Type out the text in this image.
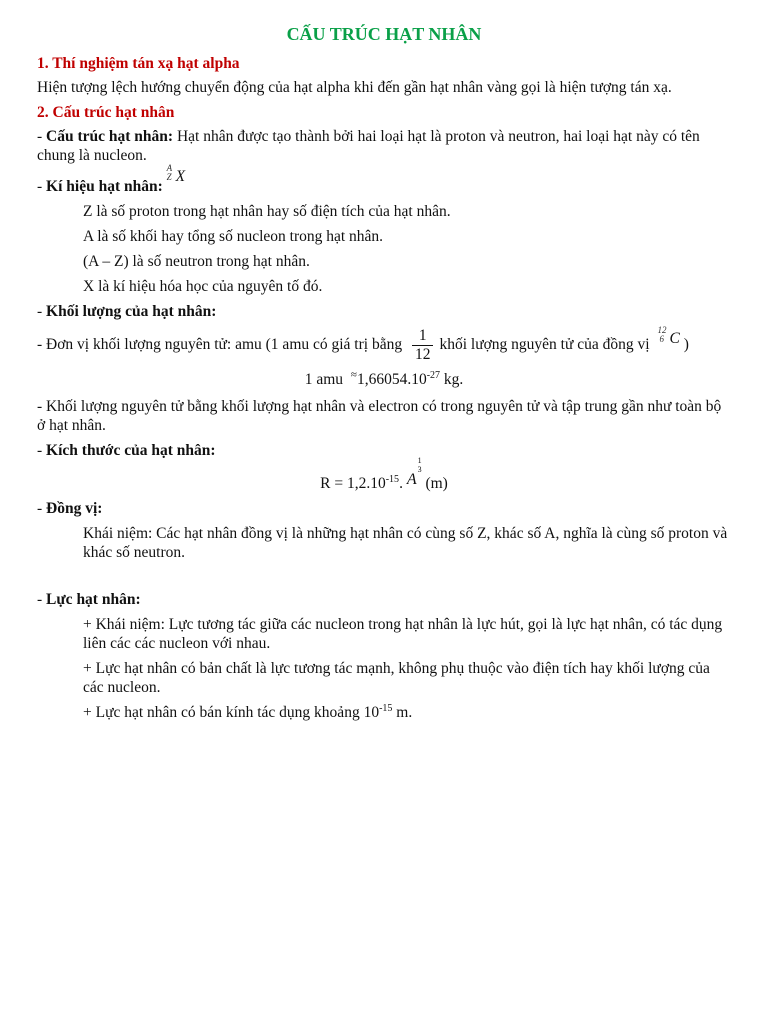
CẤU TRÚC HẠT NHÂN
1. Thí nghiệm tán xạ hạt alpha

Hiện tượng lệch hướng chuyển động của hạt alpha khi đến gần hạt nhân vàng gọi là hiện tượng tán xạ.

2. Cấu trúc hạt nhân

- Cấu trúc hạt nhân: Hạt nhân được tạo thành bởi hai loại hạt là proton và neutron, hai loại hạt này có tên chung là nucleon.

- Kí hiệu hạt nhân:
A
Z X

Z là số proton trong hạt nhân hay số điện tích của hạt nhân.

A là số khối hay tổng số nucleon trong hạt nhân.

(A – Z) là số neutron trong hạt nhân.

X là kí hiệu hóa học của nguyên tố đó.

- Khối lượng của hạt nhân:

- Đơn vị khối lượng nguyên tử: amu (1 amu có giá trị bằng $\frac{1}{12}$ khối lượng nguyên tử của đồng vị
12
6 C )

1 amu $^\approx 1,66054.10^{-27}$ kg.

- Khối lượng nguyên tử bằng khối lượng hạt nhân và electron có trong nguyên tử và tập trung gần như toàn bộ ở hạt nhân.

- Kích thước của hạt nhân:

$R = 1,2.10^{-15}$. A
1
3
(m)

- Đồng vị:

Khái niệm: Các hạt nhân đồng vị là những hạt nhân có cùng số Z, khác số A, nghĩa là cùng số proton và khác số neutron.

- Lực hạt nhân:

+ Khái niệm: Lực tương tác giữa các nucleon trong hạt nhân là lực hút, gọi là lực hạt nhân, có tác dụng liên các các nucleon với nhau.

+ Lực hạt nhân có bản chất là lực tương tác mạnh, không phụ thuộc vào điện tích hay khối lượng của các nucleon.

+ Lực hạt nhân có bán kính tác dụng khoảng $10^{-15}$ m.
